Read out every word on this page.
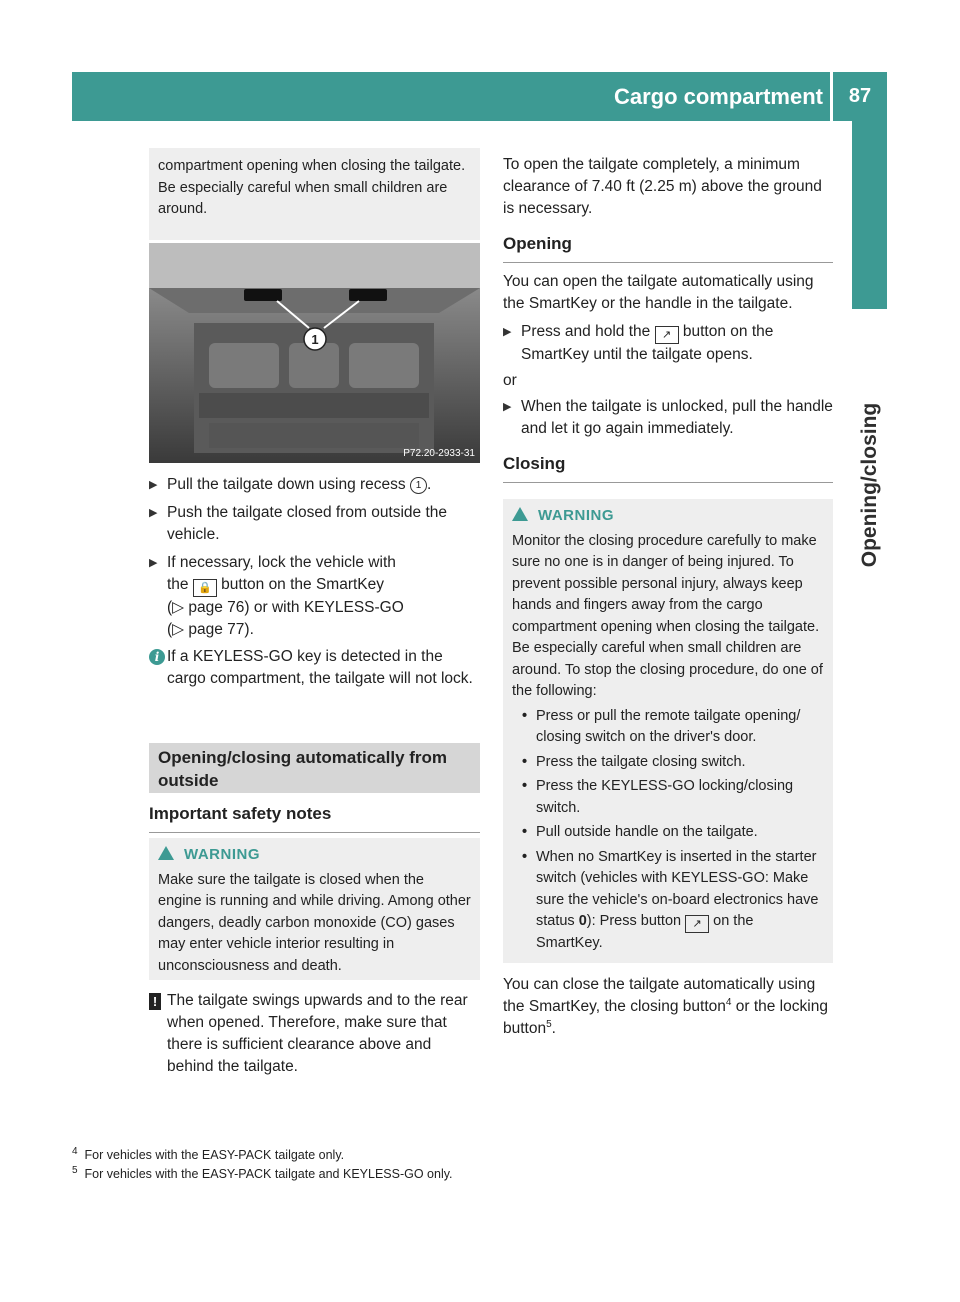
Cargo compartment	87
Opening/closing

compartment opening when closing the tailgate. Be especially careful when small children are around.

1
P72.20-2933-31

▶ Pull the tailgate down using recess 1 .

▶ Push the tailgate closed from outside the vehicle.

▶ If necessary, lock the vehicle with
the 🔒 button on the SmartKey
(▷ page 76) or with KEYLESS-GO
(▷ page 77).
i If a KEYLESS-GO key is detected in the cargo compartment, the tailgate will not lock.

Opening/closing automatically from outside

Important safety notes
WARNING

Make sure the tailgate is closed when the engine is running and while driving. Among other dangers, deadly carbon monoxide (CO) gases may enter vehicle interior resulting in unconsciousness and death.

! The tailgate swings upwards and to the rear when opened. Therefore, make sure that there is sufficient clearance above and behind the tailgate.

To open the tailgate completely, a minimum clearance of 7.40 ft (2.25 m) above the ground is necessary.

Opening

You can open the tailgate automatically using the SmartKey or the handle in the tailgate.

▶ Press and hold the ↗ button on the SmartKey until the tailgate opens.

or

▶ When the tailgate is unlocked, pull the handle and let it go again immediately.

Closing
WARNING

Monitor the closing procedure carefully to make sure no one is in danger of being injured. To prevent possible personal injury, always keep hands and fingers away from the cargo compartment opening when closing the tailgate. Be especially careful when small children are around. To stop the closing procedure, do one of the following:

• Press or pull the remote tailgate opening/ closing switch on the driver's door.

• Press the tailgate closing switch.

• Press the KEYLESS-GO locking/closing switch.

• Pull outside handle on the tailgate.

• When no SmartKey is inserted in the starter switch (vehicles with KEYLESS-GO: Make sure the vehicle's on-board electronics have status 0): Press button ↗ on the SmartKey.

You can close the tailgate automatically using the SmartKey, the closing button$^4$ or the locking button$^5$.

$^4$ For vehicles with the EASY-PACK tailgate only.

$^5$ For vehicles with the EASY-PACK tailgate and KEYLESS-GO only.
